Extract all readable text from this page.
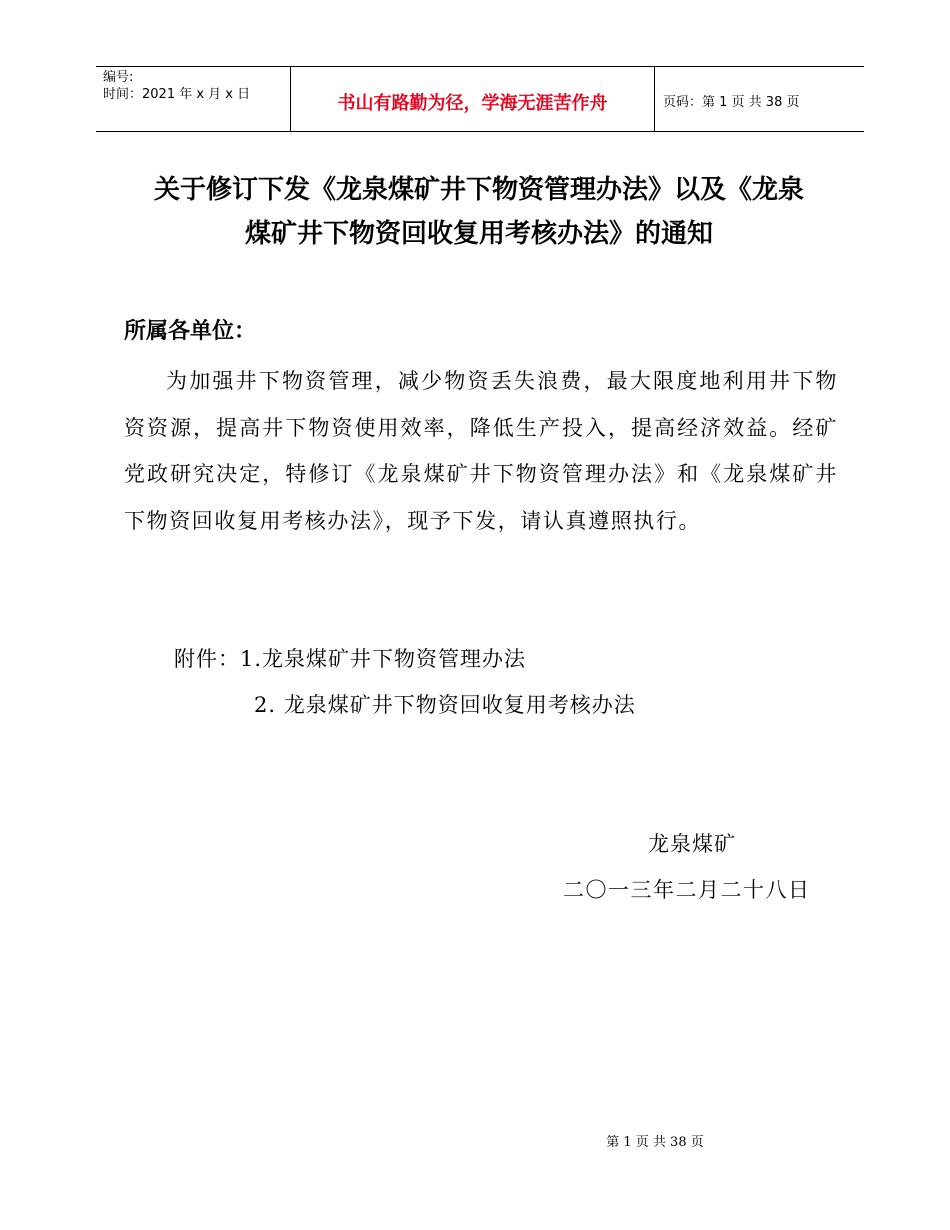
编号:
时间：2021 年 x 月 x 日	书山有路勤为径，学海无涯苦作舟	页码：第 1 页 共 38 页
关于修订下发《龙泉煤矿井下物资管理办法》以及《龙泉
煤矿井下物资回收复用考核办法》的通知
所属各单位：
为加强井下物资管理，减少物资丢失浪费，最大限度地利用井下物资资源，提高井下物资使用效率，降低生产投入，提高经济效益。经矿党政研究决定，特修订《龙泉煤矿井下物资管理办法》和《龙泉煤矿井下物资回收复用考核办法》，现予下发，请认真遵照执行。
附件：1.龙泉煤矿井下物资管理办法
2. 龙泉煤矿井下物资回收复用考核办法
龙泉煤矿
二〇一三年二月二十八日
第 1 页 共 38 页
